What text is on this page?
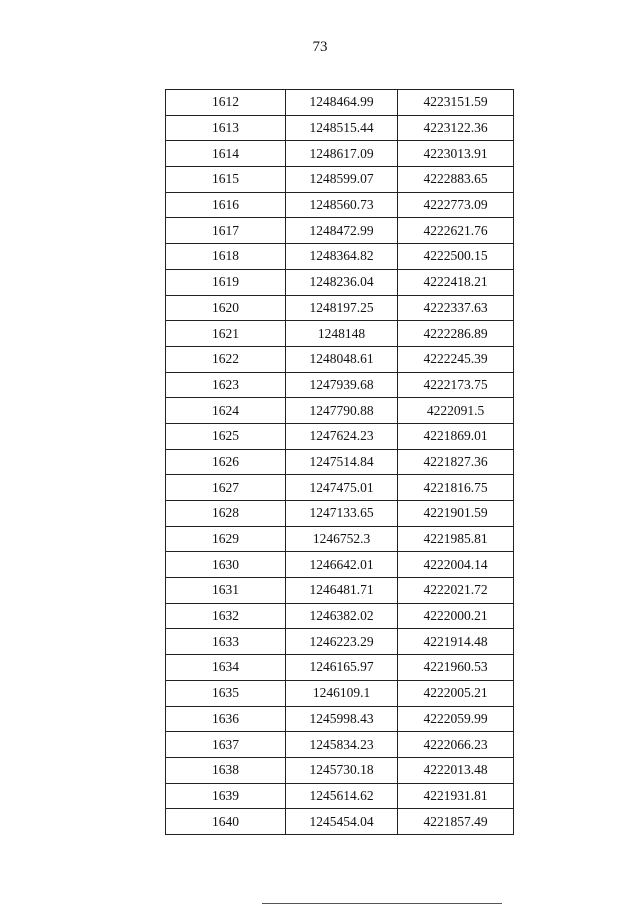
73
1612	1248464.99	4223151.59
1613	1248515.44	4223122.36
1614	1248617.09	4223013.91
1615	1248599.07	4222883.65
1616	1248560.73	4222773.09
1617	1248472.99	4222621.76
1618	1248364.82	4222500.15
1619	1248236.04	4222418.21
1620	1248197.25	4222337.63
1621	1248148	4222286.89
1622	1248048.61	4222245.39
1623	1247939.68	4222173.75
1624	1247790.88	4222091.5
1625	1247624.23	4221869.01
1626	1247514.84	4221827.36
1627	1247475.01	4221816.75
1628	1247133.65	4221901.59
1629	1246752.3	4221985.81
1630	1246642.01	4222004.14
1631	1246481.71	4222021.72
1632	1246382.02	4222000.21
1633	1246223.29	4221914.48
1634	1246165.97	4221960.53
1635	1246109.1	4222005.21
1636	1245998.43	4222059.99
1637	1245834.23	4222066.23
1638	1245730.18	4222013.48
1639	1245614.62	4221931.81
1640	1245454.04	4221857.49
